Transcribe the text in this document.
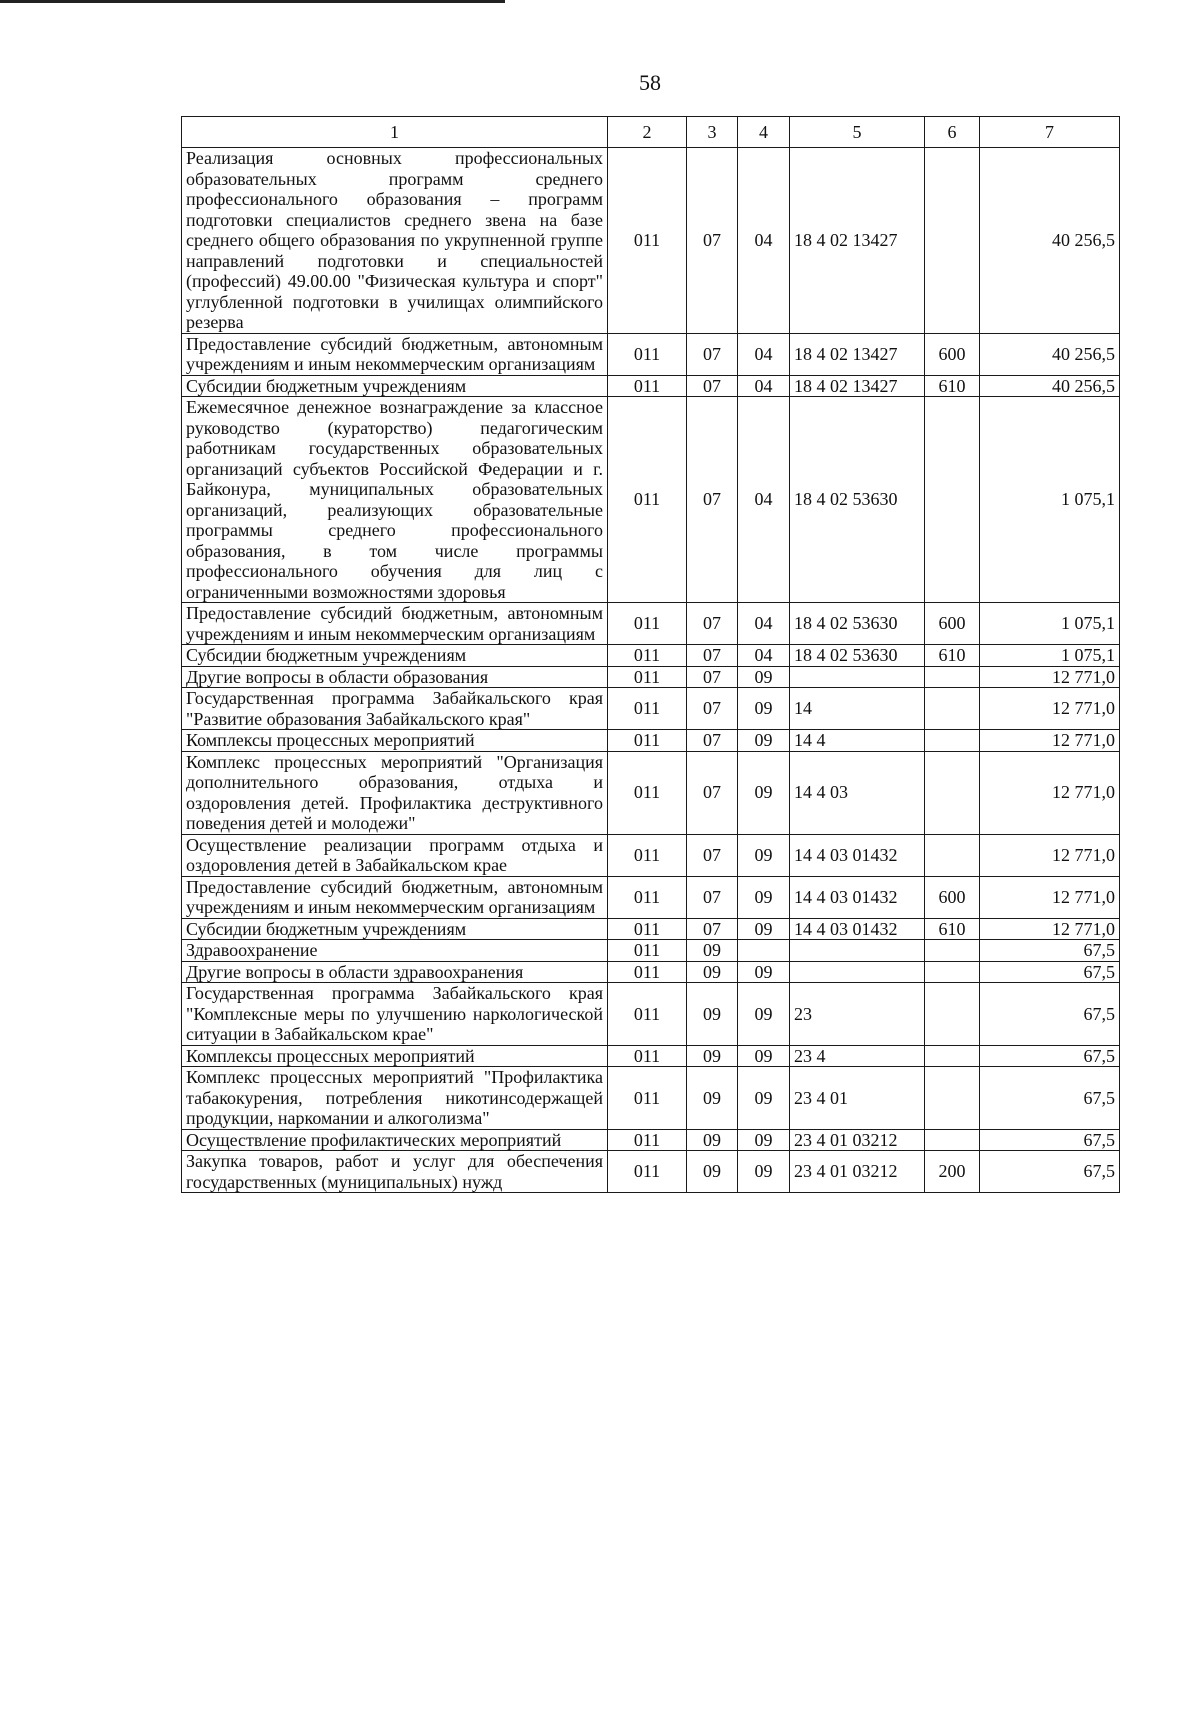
58
1	2	3	4	5	6	7
Реализация основных профессиональных образовательных программ среднего профессионального образования – программ подготовки специалистов среднего звена на базе среднего общего образования по укрупненной группе направлений подготовки и специальностей (профессий) 49.00.00 "Физическая культура и спорт" углубленной подготовки в училищах олимпийского резерва	011	07	04	18 4 02 13427		40 256,5
Предоставление субсидий бюджетным, автономным учреждениям и иным некоммерческим организациям	011	07	04	18 4 02 13427	600	40 256,5
Субсидии бюджетным учреждениям	011	07	04	18 4 02 13427	610	40 256,5
Ежемесячное денежное вознаграждение за классное руководство (кураторство) педагогическим работникам государственных образовательных организаций субъектов Российской Федерации и г. Байконура, муниципальных образовательных организаций, реализующих образовательные программы среднего профессионального образования, в том числе программы профессионального обучения для лиц с ограниченными возможностями здоровья	011	07	04	18 4 02 53630		1 075,1
Предоставление субсидий бюджетным, автономным учреждениям и иным некоммерческим организациям	011	07	04	18 4 02 53630	600	1 075,1
Субсидии бюджетным учреждениям	011	07	04	18 4 02 53630	610	1 075,1
Другие вопросы в области образования	011	07	09			12 771,0
Государственная программа Забайкальского края "Развитие образования Забайкальского края"	011	07	09	14		12 771,0
Комплексы процессных мероприятий	011	07	09	14 4		12 771,0
Комплекс процессных мероприятий "Организация дополнительного образования, отдыха и оздоровления детей. Профилактика деструктивного поведения детей и молодежи"	011	07	09	14 4 03		12 771,0
Осуществление реализации программ отдыха и оздоровления детей в Забайкальском крае	011	07	09	14 4 03 01432		12 771,0
Предоставление субсидий бюджетным, автономным учреждениям и иным некоммерческим организациям	011	07	09	14 4 03 01432	600	12 771,0
Субсидии бюджетным учреждениям	011	07	09	14 4 03 01432	610	12 771,0
Здравоохранение	011	09				67,5
Другие вопросы в области здравоохранения	011	09	09			67,5
Государственная программа Забайкальского края "Комплексные меры по улучшению наркологической ситуации в Забайкальском крае"	011	09	09	23		67,5
Комплексы процессных мероприятий	011	09	09	23 4		67,5
Комплекс процессных мероприятий "Профилактика табакокурения, потребления никотинсодержащей продукции, наркомании и алкоголизма"	011	09	09	23 4 01		67,5
Осуществление профилактических мероприятий	011	09	09	23 4 01 03212		67,5
Закупка товаров, работ и услуг для обеспечения государственных (муниципальных) нужд	011	09	09	23 4 01 03212	200	67,5
